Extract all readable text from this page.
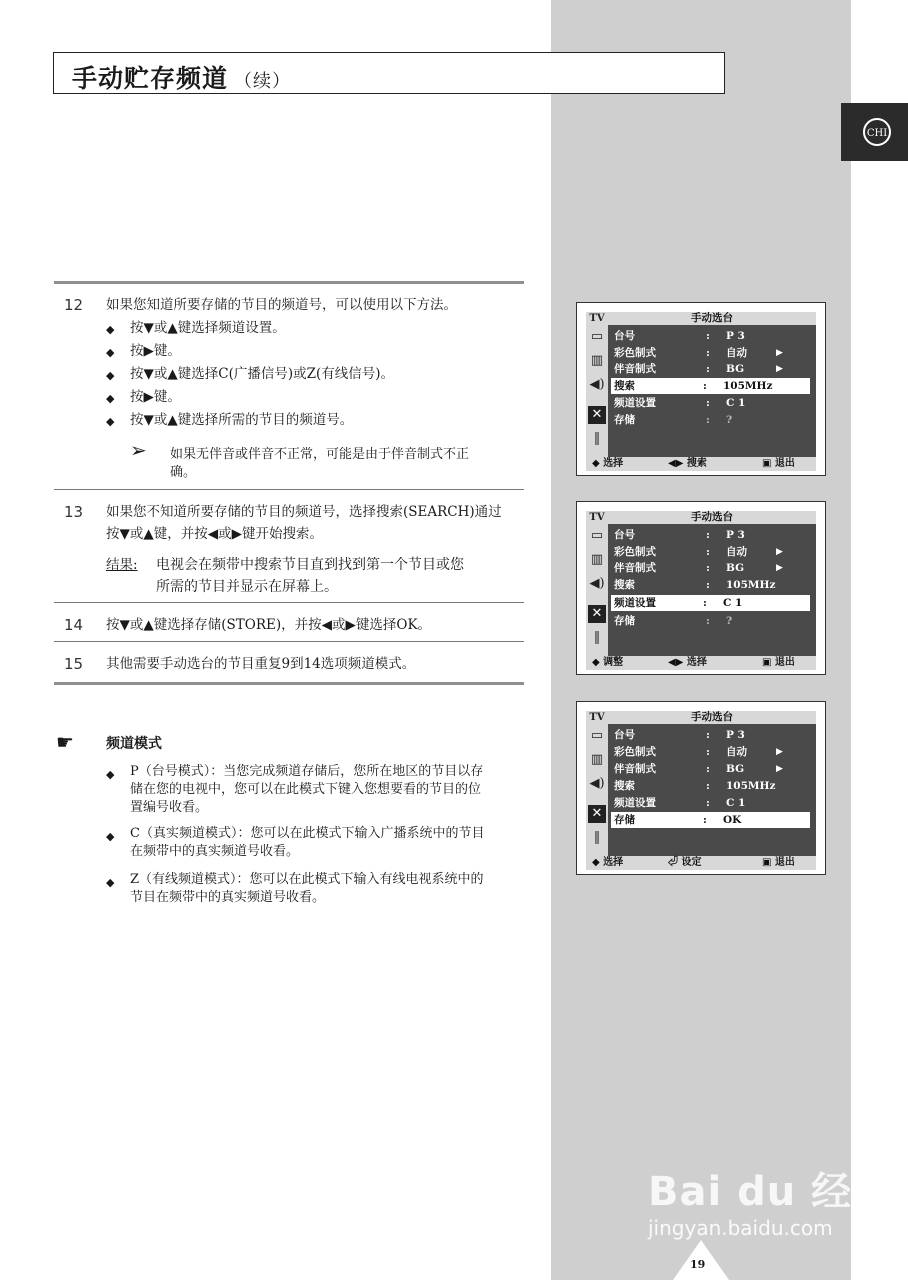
CHI
手动贮存频道 （续）
12 如果您知道所要存储的节目的频道号，可以使用以下方法。
◆ 按▼或▲键选择频道设置。
◆ 按▶键。
◆ 按▼或▲键选择C(广播信号)或Z(有线信号)。
◆ 按▶键。
◆ 按▼或▲键选择所需的节目的频道号。
➢ 如果无伴音或伴音不正常，可能是由于伴音制式不正
确。
13 如果您不知道所要存储的节目的频道号，选择搜索(SEARCH)通过
按▼或▲键，并按◀或▶键开始搜索。
结果: 电视会在频带中搜索节目直到找到第一个节目或您
所需的节目并显示在屏幕上。
14 按▼或▲键选择存储(STORE)，并按◀或▶键选择OK。
15 其他需要手动选台的节目重复9到14选项频道模式。
☛ 频道模式
◆ P（台号模式）：当您完成频道存储后，您所在地区的节目以存
储在您的电视中，您可以在此模式下键入您想要看的节目的位
置编号收看。
◆ C（真实频道模式）：您可以在此模式下输入广播系统中的节目
在频带中的真实频道号收看。
◆ Z（有线频道模式）：您可以在此模式下输入有线电视系统中的
节目在频带中的真实频道号收看。
TV
▭
▥
◀)
✕
‖
手动选台
台号	: P 3
彩色制式	: 自动	▶
伴音制式	: BG	▶
搜索	: 105MHz
频道设置	: C 1
存储	: ?
◆ 选择	◀▶ 搜索	▣ 退出
TV
▭
▥
◀)
✕
‖
手动选台
台号	: P 3
彩色制式	: 自动	▶
伴音制式	: BG	▶
搜索	: 105MHz
频道设置	: C 1
存储	: ?
◆ 调整	◀▶ 选择	▣ 退出
TV
▭
▥
◀)
✕
‖
手动选台
台号	: P 3
彩色制式	: 自动	▶
伴音制式	: BG	▶
搜索	: 105MHz
频道设置	: C 1
存储	: OK
◆ 选择	⏎ 设定	▣ 退出
Bai du 经验
jingyan.baidu.com
19
